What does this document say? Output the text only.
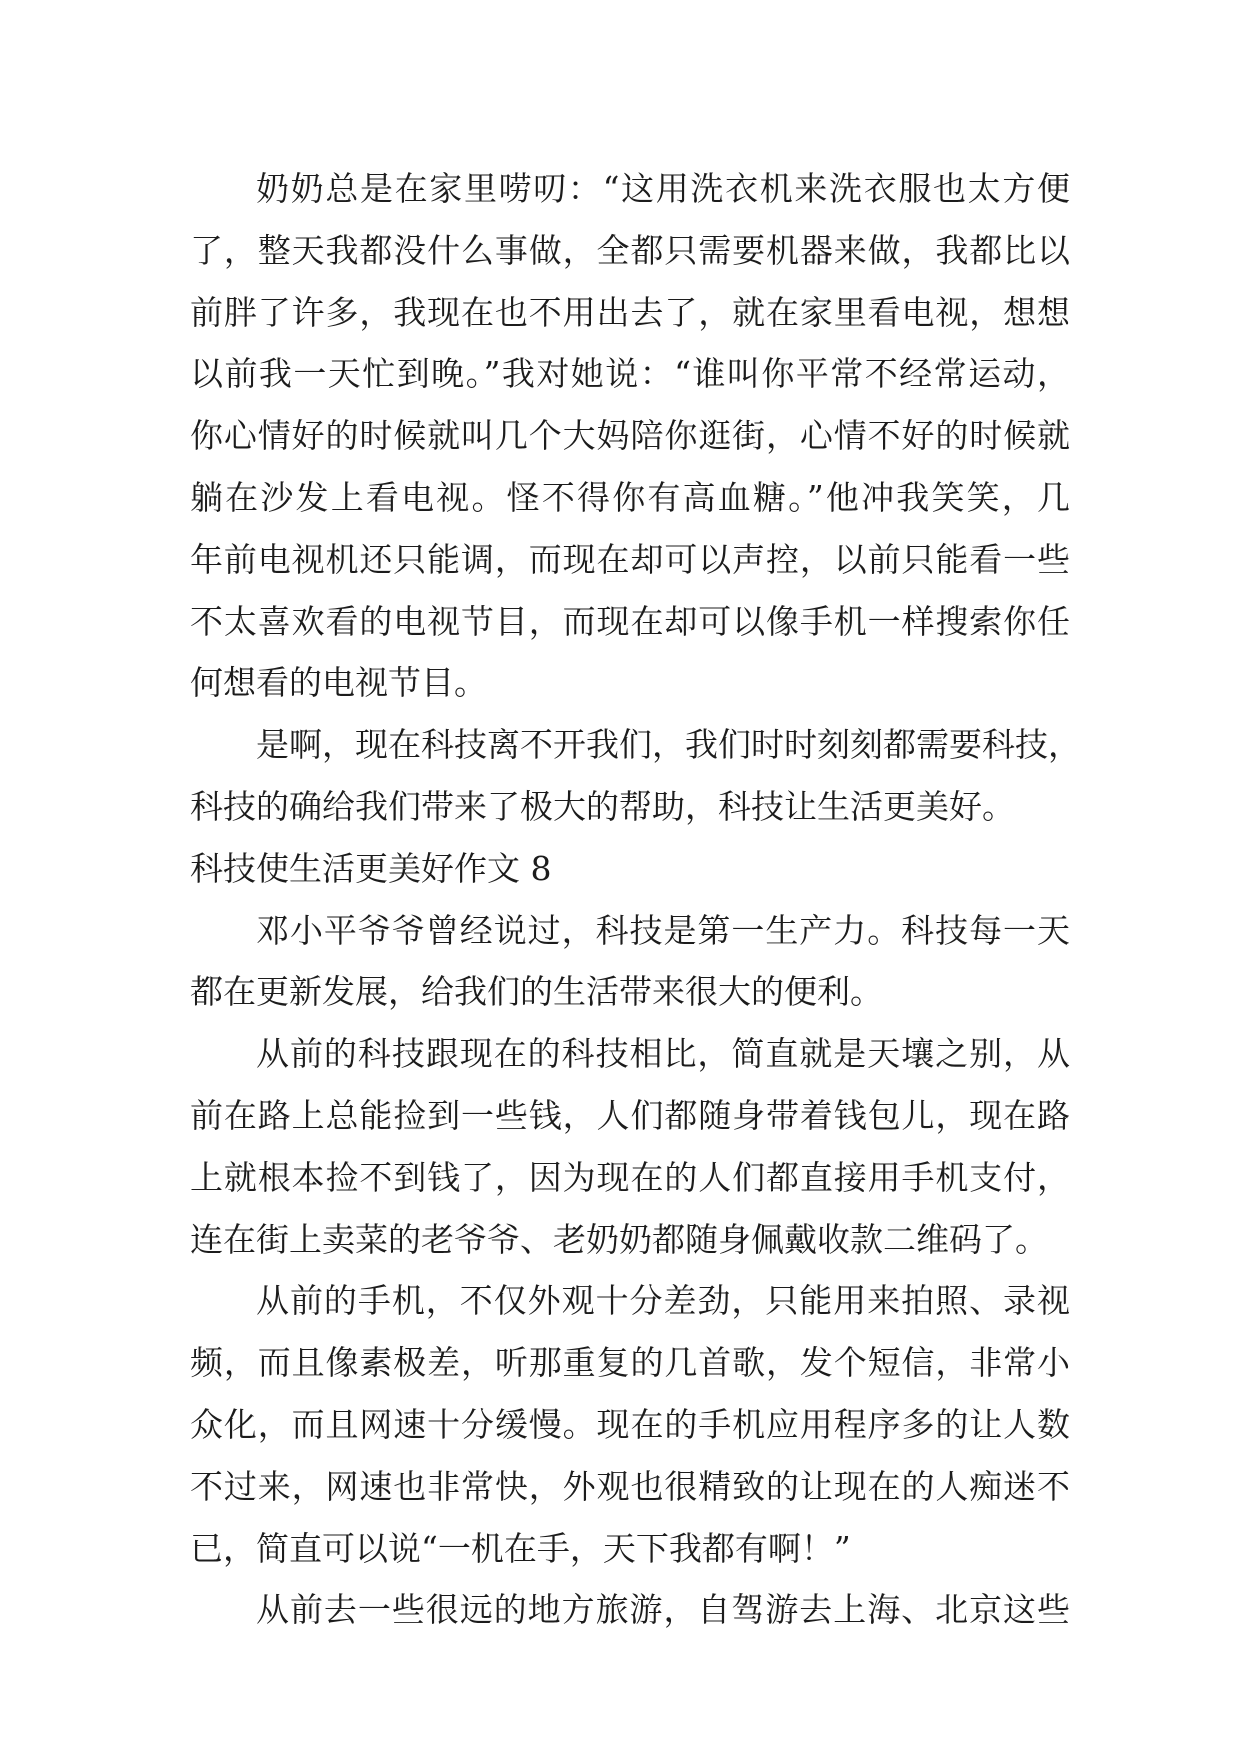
奶奶总是在家里唠叨：“这用洗衣机来洗衣服也太方便
了，整天我都没什么事做，全都只需要机器来做，我都比以
前胖了许多，我现在也不用出去了，就在家里看电视，想想
以前我一天忙到晚。”我对她说：“谁叫你平常不经常运动，
你心情好的时候就叫几个大妈陪你逛街，心情不好的时候就
躺在沙发上看电视。怪不得你有高血糖。”他冲我笑笑，几
年前电视机还只能调，而现在却可以声控，以前只能看一些
不太喜欢看的电视节目，而现在却可以像手机一样搜索你任
何想看的电视节目。
是啊，现在科技离不开我们，我们时时刻刻都需要科技，
科技的确给我们带来了极大的帮助，科技让生活更美好。
科技使生活更美好作文 8
邓小平爷爷曾经说过，科技是第一生产力。科技每一天
都在更新发展，给我们的生活带来很大的便利。
从前的科技跟现在的科技相比，简直就是天壤之别，从
前在路上总能捡到一些钱，人们都随身带着钱包儿，现在路
上就根本捡不到钱了，因为现在的人们都直接用手机支付，
连在街上卖菜的老爷爷、老奶奶都随身佩戴收款二维码了。
从前的手机，不仅外观十分差劲，只能用来拍照、录视
频，而且像素极差，听那重复的几首歌，发个短信，非常小
众化，而且网速十分缓慢。现在的手机应用程序多的让人数
不过来，网速也非常快，外观也很精致的让现在的人痴迷不
已，简直可以说“一机在手，天下我都有啊！”
从前去一些很远的地方旅游，自驾游去上海、北京这些
